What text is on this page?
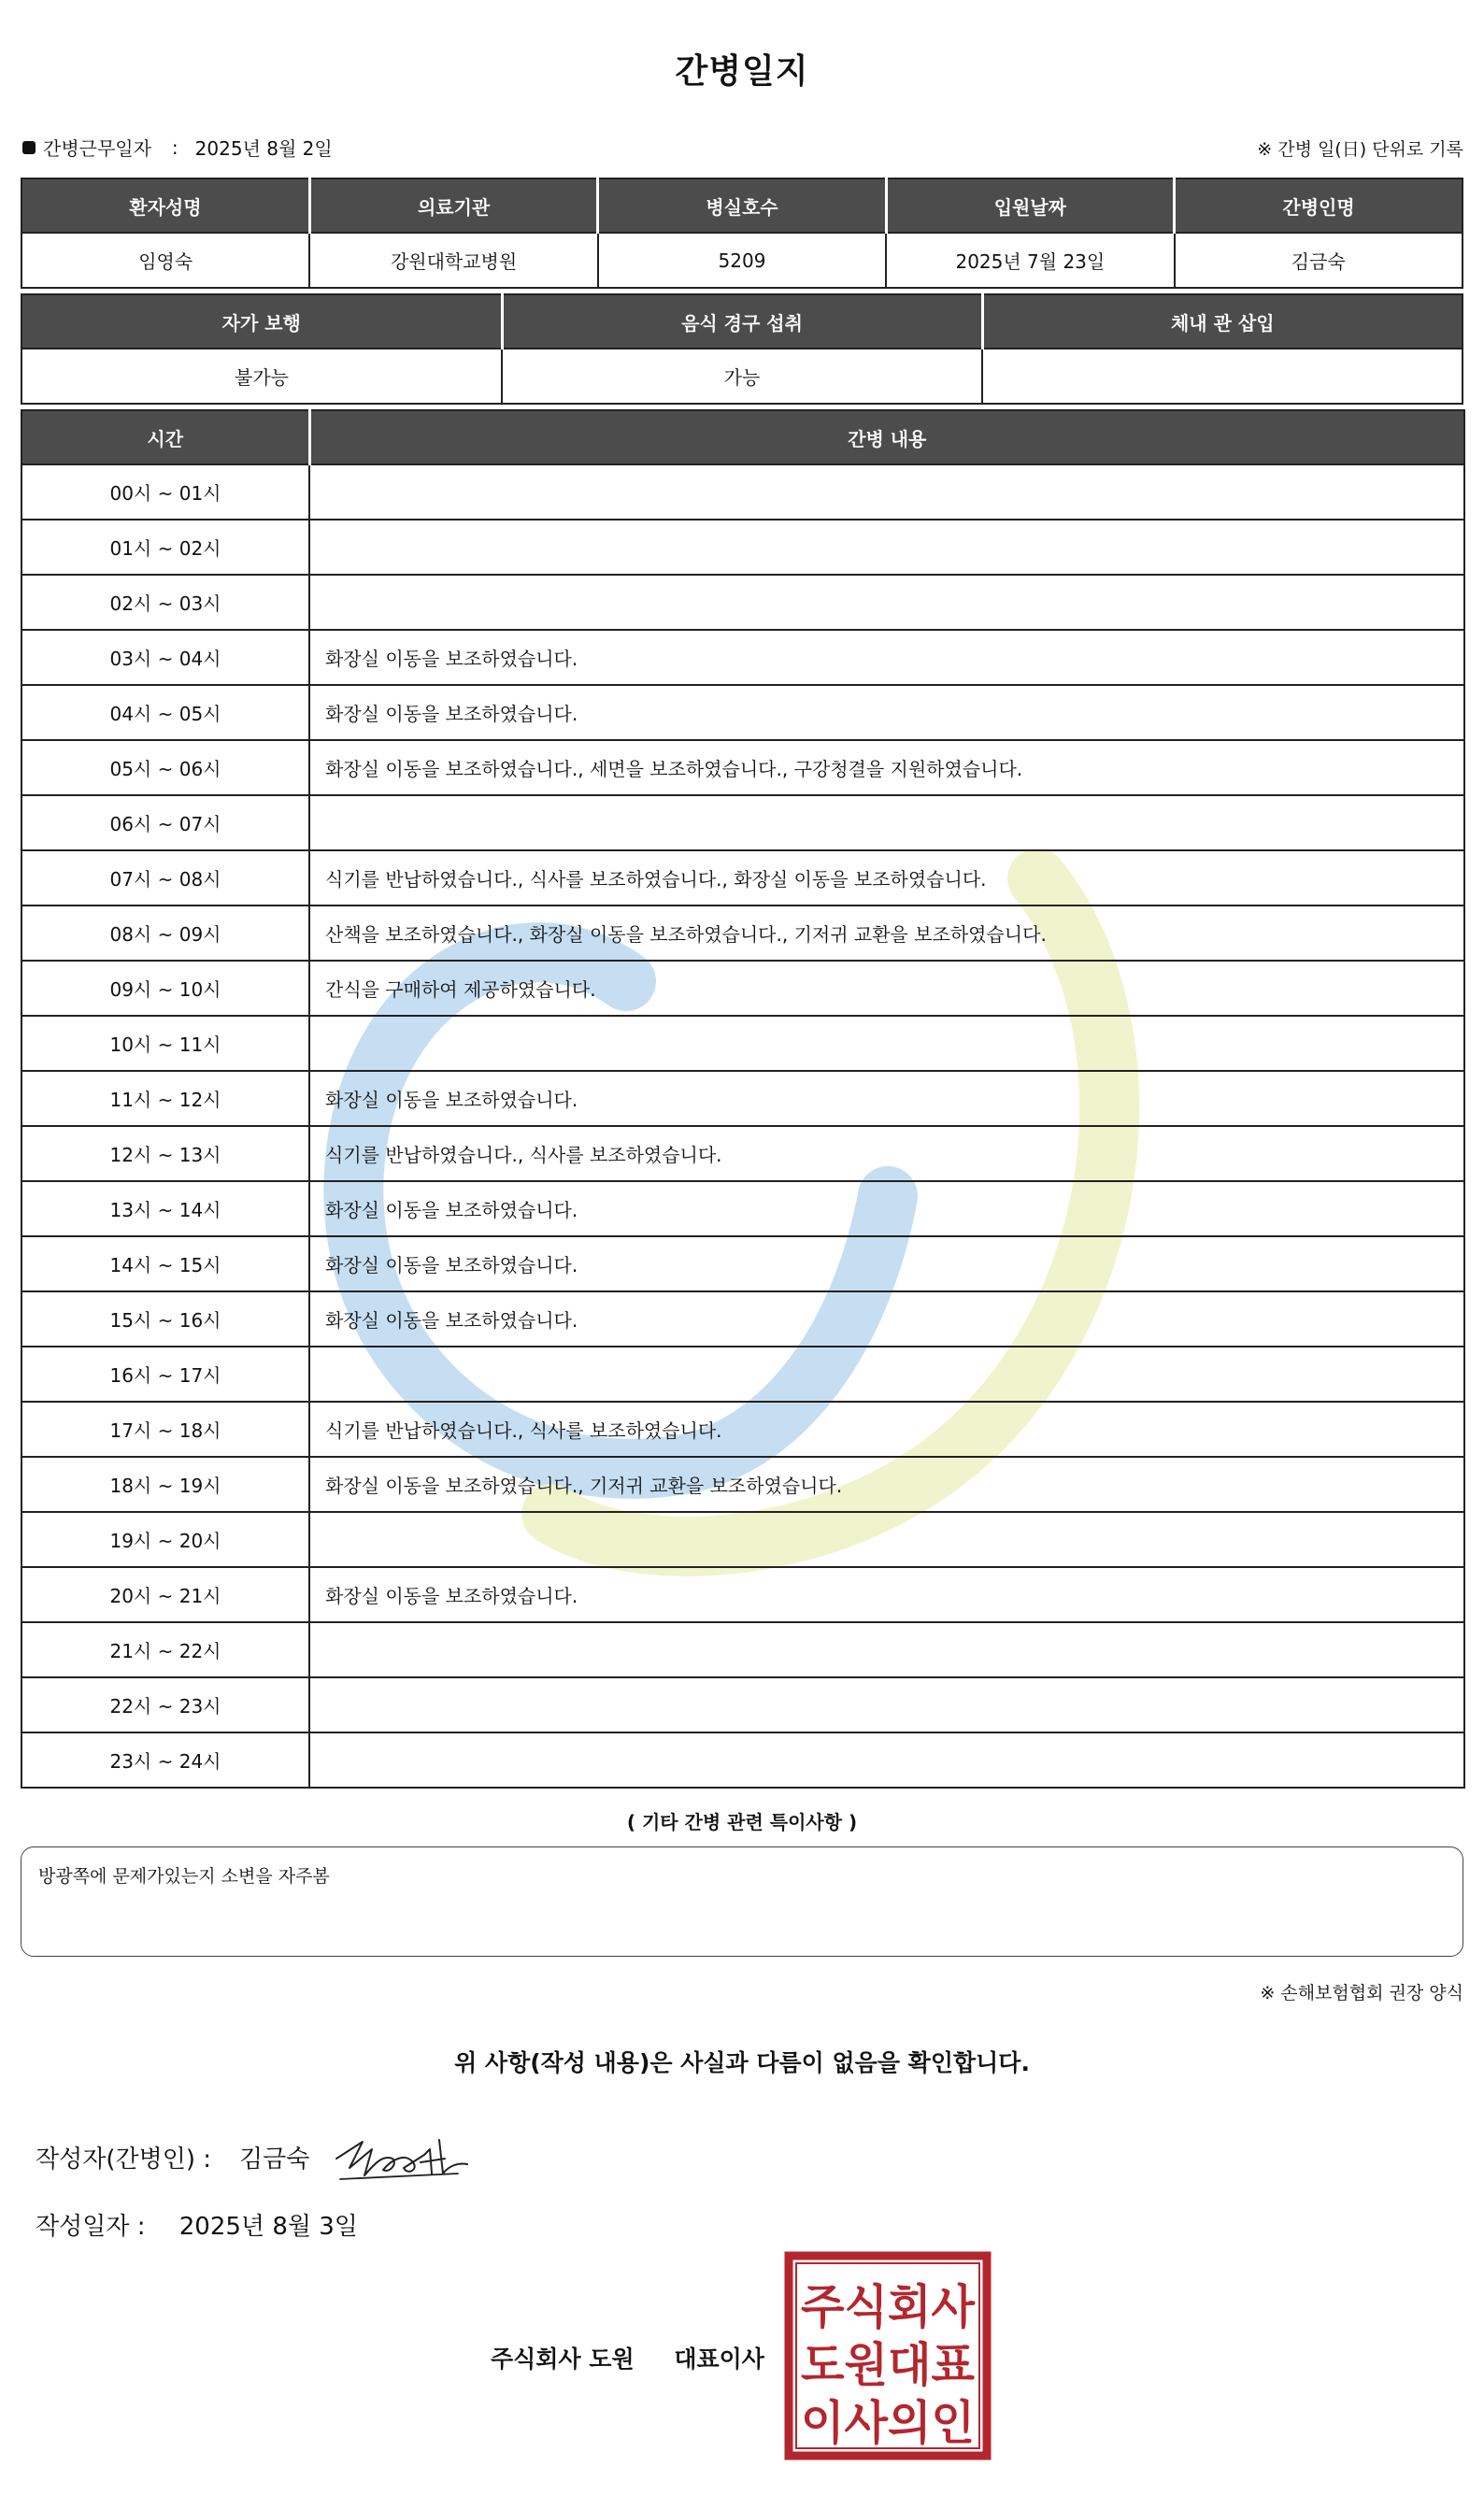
간병일지
간병근무일자 : 2025년 8월 2일	※ 간병 일(日) 단위로 기록
환자성명	의료기관	병실호수	입원날짜	간병인명
임영숙	강원대학교병원	5209	2025년 7월 23일	김금숙
자가 보행	음식 경구 섭취	체내 관 삽입
불가능	가능	
시간	간병 내용
00시 ~ 01시	
01시 ~ 02시	
02시 ~ 03시	
03시 ~ 04시	화장실 이동을 보조하였습니다.
04시 ~ 05시	화장실 이동을 보조하였습니다.
05시 ~ 06시	화장실 이동을 보조하였습니다., 세면을 보조하였습니다., 구강청결을 지원하였습니다.
06시 ~ 07시	
07시 ~ 08시	식기를 반납하였습니다., 식사를 보조하였습니다., 화장실 이동을 보조하였습니다.
08시 ~ 09시	산책을 보조하였습니다., 화장실 이동을 보조하였습니다., 기저귀 교환을 보조하였습니다.
09시 ~ 10시	간식을 구매하여 제공하였습니다.
10시 ~ 11시	
11시 ~ 12시	화장실 이동을 보조하였습니다.
12시 ~ 13시	식기를 반납하였습니다., 식사를 보조하였습니다.
13시 ~ 14시	화장실 이동을 보조하였습니다.
14시 ~ 15시	화장실 이동을 보조하였습니다.
15시 ~ 16시	화장실 이동을 보조하였습니다.
16시 ~ 17시	
17시 ~ 18시	식기를 반납하였습니다., 식사를 보조하였습니다.
18시 ~ 19시	화장실 이동을 보조하였습니다., 기저귀 교환을 보조하였습니다.
19시 ~ 20시	
20시 ~ 21시	화장실 이동을 보조하였습니다.
21시 ~ 22시	
22시 ~ 23시	
23시 ~ 24시	
( 기타 간병 관련 특이사항 )
방광쪽에 문제가있는지 소변을 자주봄
※ 손해보험협회 권장 양식
위 사항(작성 내용)은 사실과 다름이 없음을 확인합니다.
작성자(간병인) : 김금숙
작성일자 : 2025년 8월 3일
주식회사 도원 대표이사
주식회사
도원대표
이사의인
